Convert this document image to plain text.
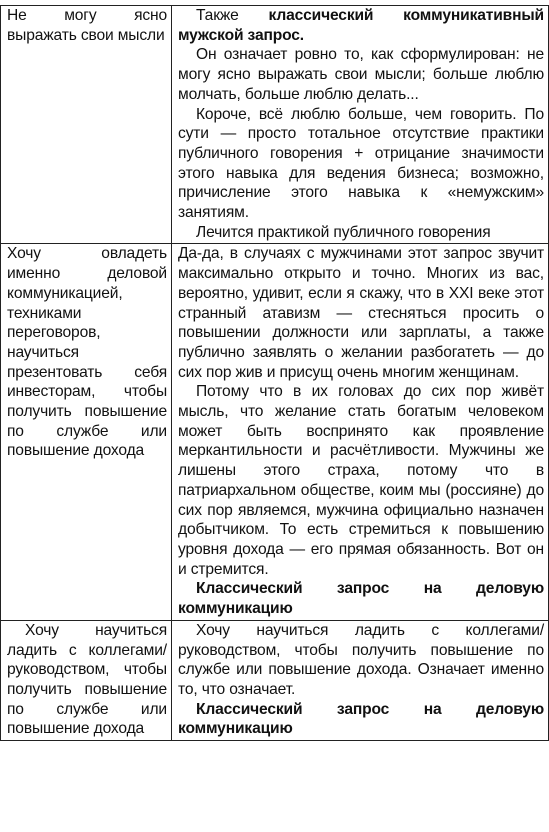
Не могу ясно выражать свои мысли	Также классический коммуникативный мужской запрос.

Он означает ровно то, как сформулирован: не могу ясно выражать свои мысли; больше люблю молчать, больше люблю делать...

Короче, всё люблю больше, чем говорить. По сути — просто тотальное отсутствие практики публичного говорения + отрицание значимости этого навыка для ведения бизнеса; возможно, причисление этого навыка к «немужским» занятиям.

Лечится практикой публичного говорения

Хочу овладеть именно деловой коммуникацией, техниками переговоров, научиться презентовать себя инвесторам, чтобы получить повышение по службе или повышение дохода	Да-да, в случаях с мужчинами этот запрос звучит максимально открыто и точно. Многих из вас, вероятно, удивит, если я скажу, что в XXI веке этот странный атавизм — стесняться просить о повышении должности или зарплаты, а также публично заявлять о желании разбогатеть — до сих пор жив и присущ очень многим женщинам.

Потому что в их головах до сих пор живёт мысль, что желание стать богатым человеком может быть воспринято как проявление меркантильности и расчётливости. Мужчины же лишены этого страха, потому что в патриархальном обществе, коим мы (россияне) до сих пор являемся, мужчина официально назначен добытчиком. То есть стремиться к повышению уровня дохода — его прямая обязанность. Вот он и стремится.

Классический запрос на деловую коммуникацию

Хочу научиться ладить с коллегами/руководством, чтобы получить повышение по службе или повышение дохода	Хочу научиться ладить с коллегами/руководством, чтобы получить повышение по службе или повышение дохода. Означает именно то, что означает.

Классический запрос на деловую коммуникацию
